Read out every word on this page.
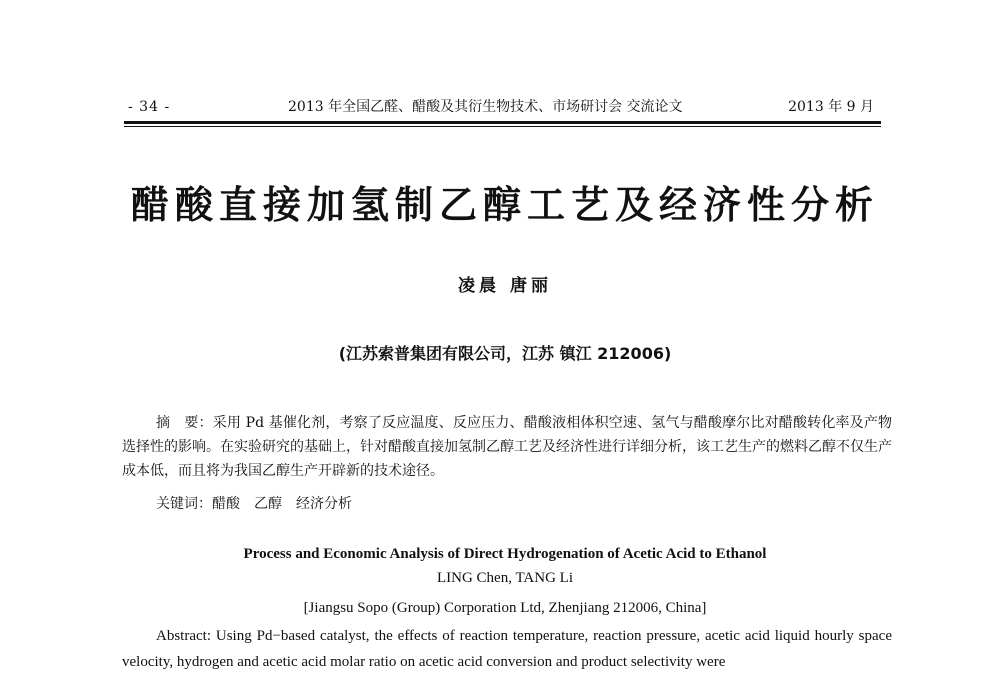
- 34 -	2013 年全国乙醛、醋酸及其衍生物技术、市场研讨会 交流论文	2013 年 9 月
醋酸直接加氢制乙醇工艺及经济性分析
凌晨 唐丽
(江苏索普集团有限公司，江苏 镇江 212006)
摘　要：采用 Pd 基催化剂，考察了反应温度、反应压力、醋酸液相体积空速、氢气与醋酸摩尔比对醋酸转化率及产物选择性的影响。在实验研究的基础上，针对醋酸直接加氢制乙醇工艺及经济性进行详细分析，该工艺生产的燃料乙醇不仅生产成本低，而且将为我国乙醇生产开辟新的技术途径。
关键词：醋酸　乙醇　经济分析
Process and Economic Analysis of Direct Hydrogenation of Acetic Acid to Ethanol
LING Chen, TANG Li
[Jiangsu Sopo (Group) Corporation Ltd, Zhenjiang 212006, China]
Abstract: Using Pd−based catalyst, the effects of reaction temperature, reaction pressure, acetic acid liquid hourly space velocity, hydrogen and acetic acid molar ratio on acetic acid conversion and product selectivity were
